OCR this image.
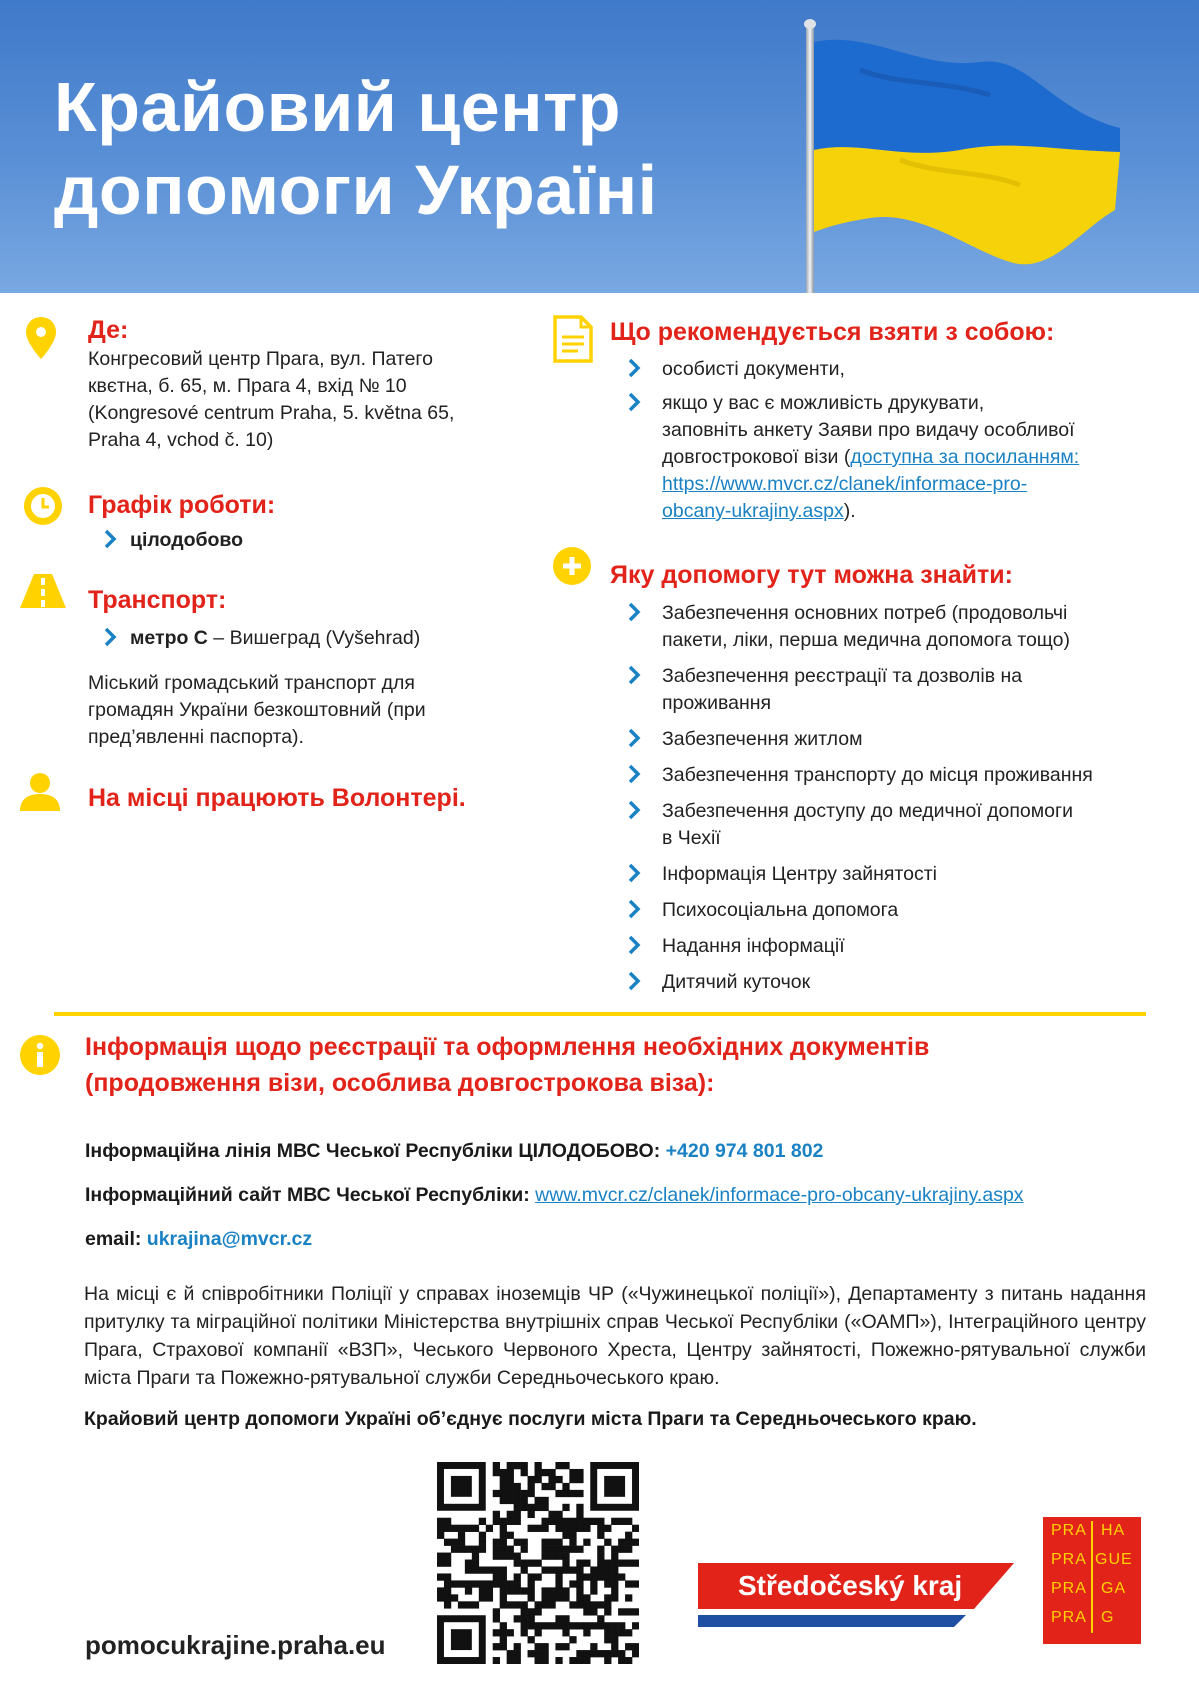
Крайовий центр
допомоги Україні
Де:
Конгресовий центр Прага, вул. Патего
квєтна, б. 65, м. Прага 4, вхід № 10
(Kongresové centrum Praha, 5. května 65,
Praha 4, vchod č. 10)
Графік роботи:
цілодобово
Транспорт:
метро С – Вишеград (Vyšehrad)
Міський громадський транспорт для
громадян України безкоштовний (при
пред’явленні паспорта).
На місці працюють Волонтері.
Що рекомендується взяти з собою:
особисті документи,
якщо у вас є можливість друкувати,
заповніть анкету Заяви про видачу особливої
довгострокової візи (доступна за посиланням:
https://www.mvcr.cz/clanek/informace-pro-
obcany-ukrajiny.aspx).
Яку допомогу тут можна знайти:
Забезпечення основних потреб (продовольчі
пакети, ліки, перша медична допомога тощо)
Забезпечення реєстрації та дозволів на
проживання
Забезпечення житлом
Забезпечення транспорту до місця проживання
Забезпечення доступу до медичної допомоги
в Чехії
Інформація Центру зайнятості
Психосоціальна допомога
Надання інформації
Дитячий куточок
Інформація щодо реєстрації та оформлення необхідних документів
(продовження візи, особлива довгострокова віза):
Інформаційна лінія МВС Чеської Республіки ЦІЛОДОБОВО: +420 974 801 802
Інформаційний сайт МВС Чеської Республіки: www.mvcr.cz/clanek/informace-pro-obcany-ukrajiny.aspx
email: ukrajina@mvcr.cz
На місці є й співробітники Поліції у справах іноземців ЧР («Чужинецької поліції»), Департаменту з питань надання притулку та міграційної політики Міністерства внутрішніх справ Чеської Республіки («ОАМП»), Інтеграційного центру Прага, Страхової компанії «ВЗП», Чеського Червоного Хреста, Центру зайнятості, Пожежно-рятувальної служби міста Праги та Пожежно-рятувальної служби Середньочеського краю.
Крайовий центр допомоги Україні об’єднує послуги міста Праги та Середньочеського краю.
pomocukrajine.praha.eu
Středočeský kraj
PRA HA
PRA GUE
PRA GA
PRA G
